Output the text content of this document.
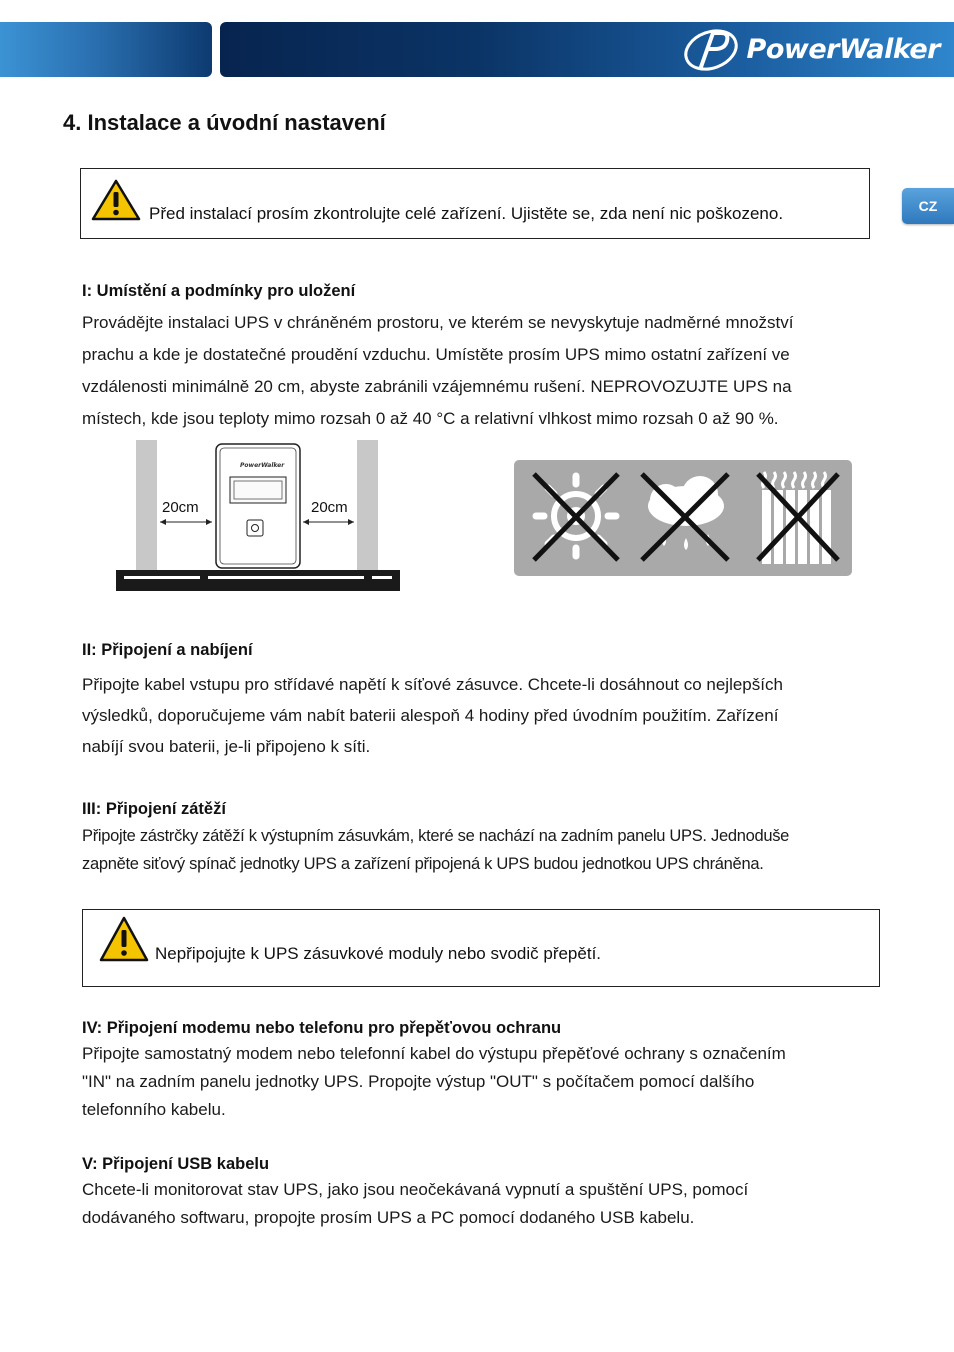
PowerWalker
4. Instalace a úvodní nastavení
CZ
Před instalací prosím zkontrolujte celé zařízení. Ujistěte se, zda není nic poškozeno.

I: Umístění a podmínky pro uložení

Provádějte instalaci UPS v chráněném prostoru, ve kterém se nevyskytuje nadměrné množství
prachu a kde je dostatečné proudění vzduchu. Umístěte prosím UPS mimo ostatní zařízení ve
vzdálenosti minimálně 20 cm, abyste zabránili vzájemnému rušení. NEPROVOZUJTE UPS na
místech, kde jsou teploty mimo rozsah 0 až 40 °C a relativní vlhkost mimo rozsah 0 až 90 %.

PowerWalker
20cm	20cm

II: Připojení a nabíjení

Připojte kabel vstupu pro střídavé napětí k síťové zásuvce. Chcete-li dosáhnout co nejlepších
výsledků, doporučujeme vám nabít baterii alespoň 4 hodiny před úvodním použitím. Zařízení
nabíjí svou baterii, je-li připojeno k síti.

III: Připojení zátěží

Připojte zástrčky zátěží k výstupním zásuvkám, které se nachází na zadním panelu UPS. Jednoduše
zapněte siťový spínač jednotky UPS a zařízení připojená k UPS budou jednotkou UPS chráněna.

Nepřipojujte k UPS zásuvkové moduly nebo svodič přepětí.

IV: Připojení modemu nebo telefonu pro přepěťovou ochranu

Připojte samostatný modem nebo telefonní kabel do výstupu přepěťové ochrany s označením
"IN" na zadním panelu jednotky UPS. Propojte výstup "OUT" s počítačem pomocí dalšího
telefonního kabelu.

V: Připojení USB kabelu

Chcete-li monitorovat stav UPS, jako jsou neočekávaná vypnutí a spuštění UPS, pomocí
dodávaného softwaru, propojte prosím UPS a PC pomocí dodaného USB kabelu.
